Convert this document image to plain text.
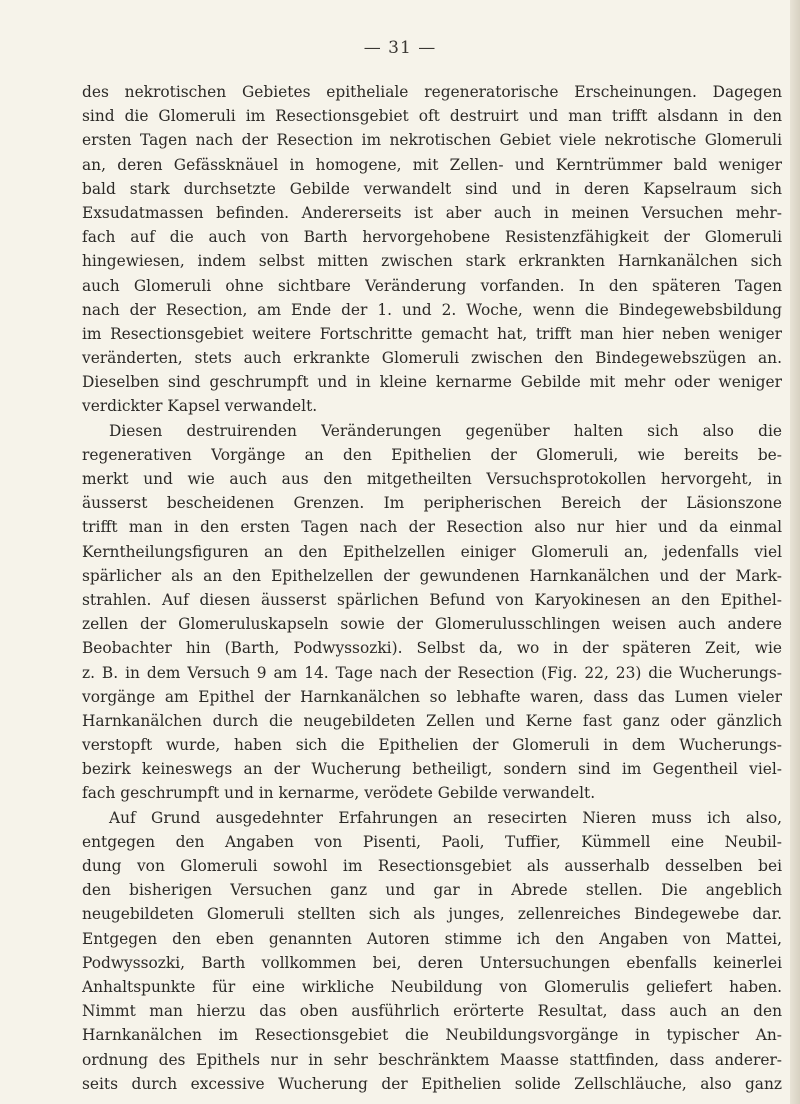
— 31 —
des nekrotischen Gebietes epitheliale regeneratorische Erscheinungen. Dagegen
sind die Glomeruli im Resectionsgebiet oft destruirt und man trifft alsdann in den
ersten Tagen nach der Resection im nekrotischen Gebiet viele nekrotische Glomeruli
an, deren Gefässknäuel in homogene, mit Zellen- und Kerntrümmer bald weniger
bald stark durchsetzte Gebilde verwandelt sind und in deren Kapselraum sich
Exsudatmassen befinden. Andererseits ist aber auch in meinen Versuchen mehr-
fach auf die auch von Barth hervorgehobene Resistenzfähigkeit der Glomeruli
hingewiesen, indem selbst mitten zwischen stark erkrankten Harnkanälchen sich
auch Glomeruli ohne sichtbare Veränderung vorfanden. In den späteren Tagen
nach der Resection, am Ende der 1. und 2. Woche, wenn die Bindegewebsbildung
im Resectionsgebiet weitere Fortschritte gemacht hat, trifft man hier neben weniger
veränderten, stets auch erkrankte Glomeruli zwischen den Bindegewebszügen an.
Dieselben sind geschrumpft und in kleine kernarme Gebilde mit mehr oder weniger
verdickter Kapsel verwandelt.
Diesen destruirenden Veränderungen gegenüber halten sich also die
regenerativen Vorgänge an den Epithelien der Glomeruli, wie bereits be-
merkt und wie auch aus den mitgetheilten Versuchsprotokollen hervorgeht, in
äusserst bescheidenen Grenzen. Im peripherischen Bereich der Läsionszone
trifft man in den ersten Tagen nach der Resection also nur hier und da einmal
Kerntheilungsfiguren an den Epithelzellen einiger Glomeruli an, jedenfalls viel
spärlicher als an den Epithelzellen der gewundenen Harnkanälchen und der Mark-
strahlen. Auf diesen äusserst spärlichen Befund von Karyokinesen an den Epithel-
zellen der Glomeruluskapseln sowie der Glomerulusschlingen weisen auch andere
Beobachter hin (Barth, Podwyssozki). Selbst da, wo in der späteren Zeit, wie
z. B. in dem Versuch 9 am 14. Tage nach der Resection (Fig. 22, 23) die Wucherungs-
vorgänge am Epithel der Harnkanälchen so lebhafte waren, dass das Lumen vieler
Harnkanälchen durch die neugebildeten Zellen und Kerne fast ganz oder gänzlich
verstopft wurde, haben sich die Epithelien der Glomeruli in dem Wucherungs-
bezirk keineswegs an der Wucherung betheiligt, sondern sind im Gegentheil viel-
fach geschrumpft und in kernarme, verödete Gebilde verwandelt.
Auf Grund ausgedehnter Erfahrungen an resecirten Nieren muss ich also,
entgegen den Angaben von Pisenti, Paoli, Tuffier, Kümmell eine Neubil-
dung von Glomeruli sowohl im Resectionsgebiet als ausserhalb desselben bei
den bisherigen Versuchen ganz und gar in Abrede stellen. Die angeblich
neugebildeten Glomeruli stellten sich als junges, zellenreiches Bindegewebe dar.
Entgegen den eben genannten Autoren stimme ich den Angaben von Mattei,
Podwyssozki, Barth vollkommen bei, deren Untersuchungen ebenfalls keinerlei
Anhaltspunkte für eine wirkliche Neubildung von Glomerulis geliefert haben.
Nimmt man hierzu das oben ausführlich erörterte Resultat, dass auch an den
Harnkanälchen im Resectionsgebiet die Neubildungsvorgänge in typischer An-
ordnung des Epithels nur in sehr beschränktem Maasse stattfinden, dass anderer-
seits durch excessive Wucherung der Epithelien solide Zellschläuche, also ganz
